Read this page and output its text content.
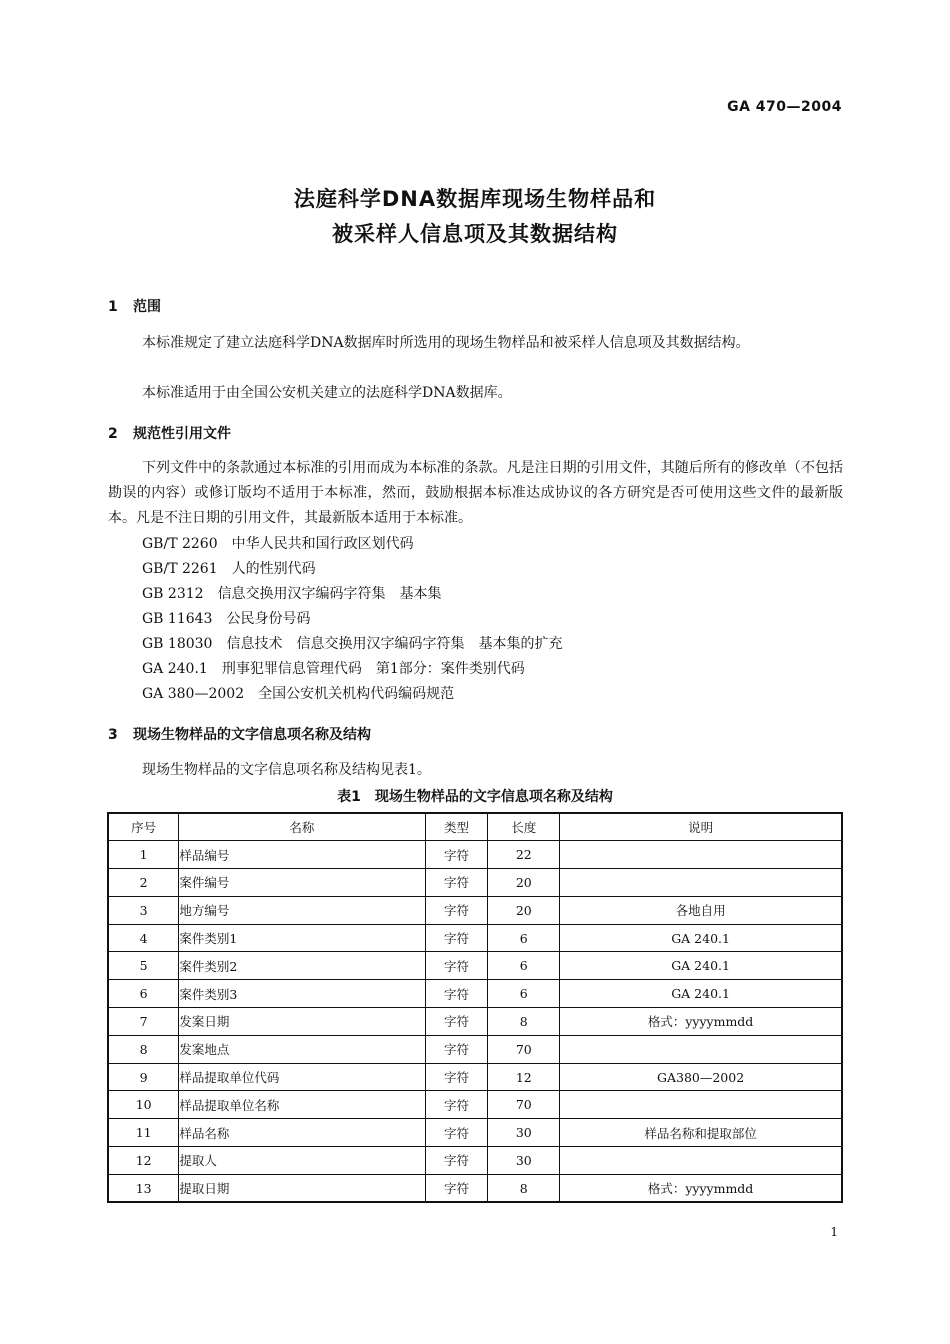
GA 470—2004
法庭科学DNA数据库现场生物样品和
被采样人信息项及其数据结构
1 范围
本标准规定了建立法庭科学DNA数据库时所选用的现场生物样品和被采样人信息项及其数据结构。
本标准适用于由全国公安机关建立的法庭科学DNA数据库。
2 规范性引用文件
下列文件中的条款通过本标准的引用而成为本标准的条款。凡是注日期的引用文件，其随后所有的修改单（不包括勘误的内容）或修订版均不适用于本标准，然而，鼓励根据本标准达成协议的各方研究是否可使用这些文件的最新版本。凡是不注日期的引用文件，其最新版本适用于本标准。
GB/T 2260 中华人民共和国行政区划代码
GB/T 2261 人的性别代码
GB 2312 信息交换用汉字编码字符集　基本集
GB 11643 公民身份号码
GB 18030 信息技术　信息交换用汉字编码字符集　基本集的扩充
GA 240.1 刑事犯罪信息管理代码　第1部分：案件类别代码
GA 380—2002 全国公安机关机构代码编码规范
3 现场生物样品的文字信息项名称及结构
现场生物样品的文字信息项名称及结构见表1。
表1　现场生物样品的文字信息项名称及结构
序号	名称	类型	长度	说明
1	样品编号	字符	22	
2	案件编号	字符	20	
3	地方编号	字符	20	各地自用
4	案件类别1	字符	6	GA 240.1
5	案件类别2	字符	6	GA 240.1
6	案件类别3	字符	6	GA 240.1
7	发案日期	字符	8	格式：yyyymmdd
8	发案地点	字符	70	
9	样品提取单位代码	字符	12	GA380—2002
10	样品提取单位名称	字符	70	
11	样品名称	字符	30	样品名称和提取部位
12	提取人	字符	30	
13	提取日期	字符	8	格式：yyyymmdd
1
